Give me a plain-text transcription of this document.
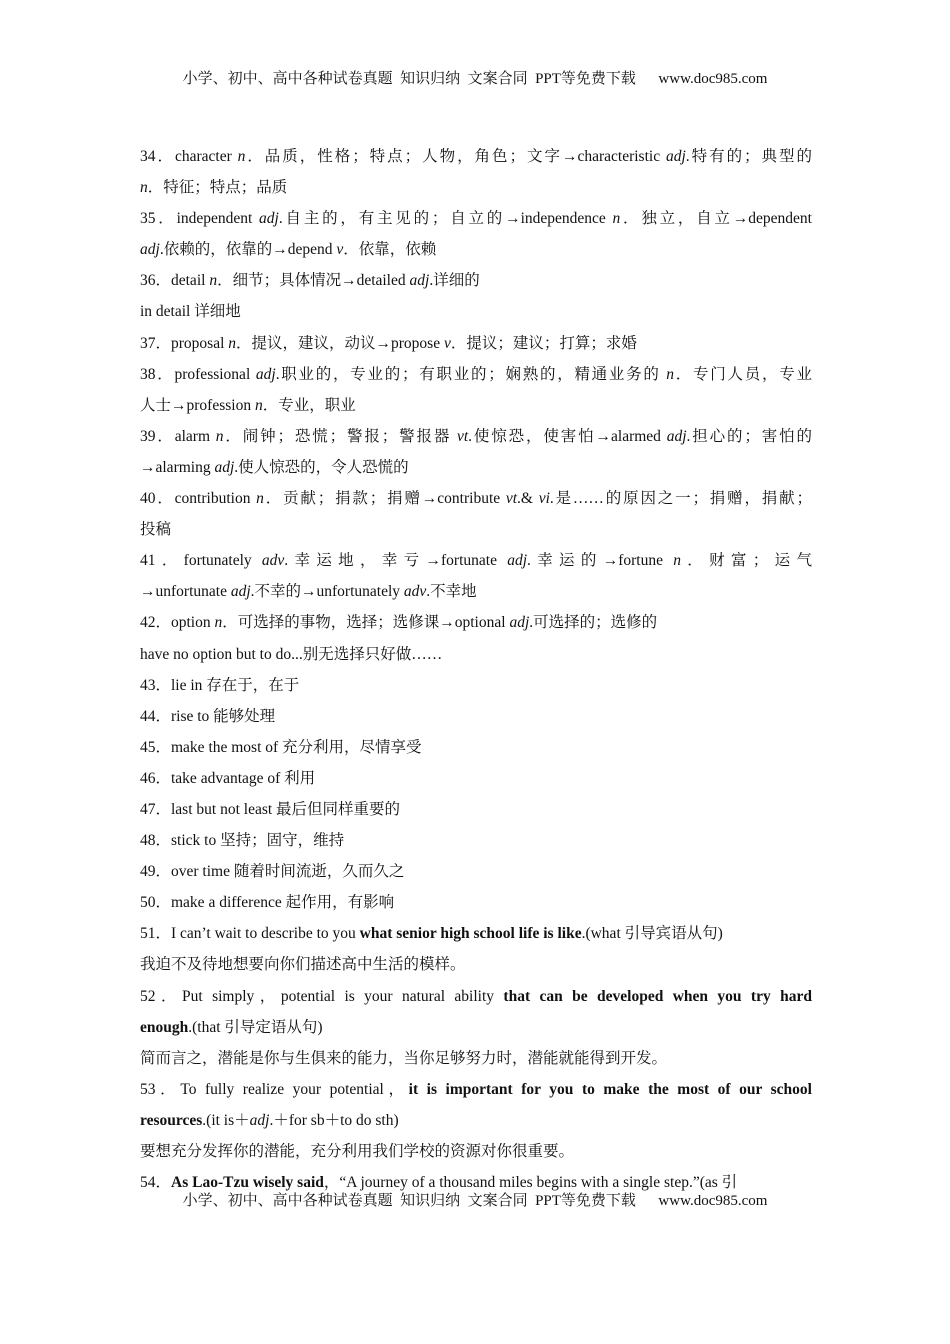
小学、初中、高中各种试卷真题  知识归纳  文案合同  PPT等免费下载 www.doc985.com
34．character n．品质，性格；特点；人物，角色；文字→characteristic adj.特有的；典型的
n．特征；特点；品质
35．independent adj.自主的，有主见的；自立的→independence n．独立，自立→dependent
adj.依赖的，依靠的→depend v．依靠，依赖
36．detail n．细节；具体情况→detailed adj.详细的
in detail 详细地
37．proposal n．提议，建议，动议→propose v．提议；建议；打算；求婚
38．professional adj.职业的，专业的；有职业的；娴熟的，精通业务的 n．专门人员，专业
人士→profession n．专业，职业
39．alarm n．闹钟；恐慌；警报；警报器 vt.使惊恐，使害怕→alarmed adj.担心的；害怕的
→alarming adj.使人惊恐的，令人恐慌的
40．contribution n．贡献；捐款；捐赠→contribute vt.& vi.是……的原因之一；捐赠，捐献；
投稿
41．fortunately adv.幸运地，幸亏→fortunate adj.幸运的→fortune n．财富；运气
→unfortunate adj.不幸的→unfortunately adv.不幸地
42．option n．可选择的事物，选择；选修课→optional adj.可选择的；选修的
have no option but to do...别无选择只好做……
43．lie in 存在于，在于
44．rise to 能够处理
45．make the most of 充分利用，尽情享受
46．take advantage of 利用
47．last but not least 最后但同样重要的
48．stick to 坚持；固守，维持
49．over time 随着时间流逝，久而久之
50．make a difference 起作用，有影响
51．I can’t wait to describe to you what senior high school life is like.(what 引导宾语从句)
我迫不及待地想要向你们描述高中生活的模样。
52．Put simply，potential is your natural ability that can be developed when you try hard
enough.(that 引导定语从句)
简而言之，潜能是你与生俱来的能力，当你足够努力时，潜能就能得到开发。
53．To fully realize your potential，it is important for you to make the most of our school
resources.(it is＋adj.＋for sb＋to do sth)
要想充分发挥你的潜能，充分利用我们学校的资源对你很重要。
54．As Lao-Tzu wisely said，“A journey of a thousand miles begins with a single step.”(as 引
小学、初中、高中各种试卷真题  知识归纳  文案合同  PPT等免费下载 www.doc985.com
